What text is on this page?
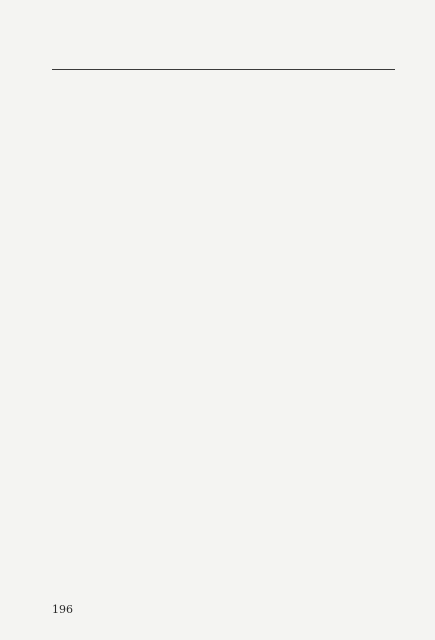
196
